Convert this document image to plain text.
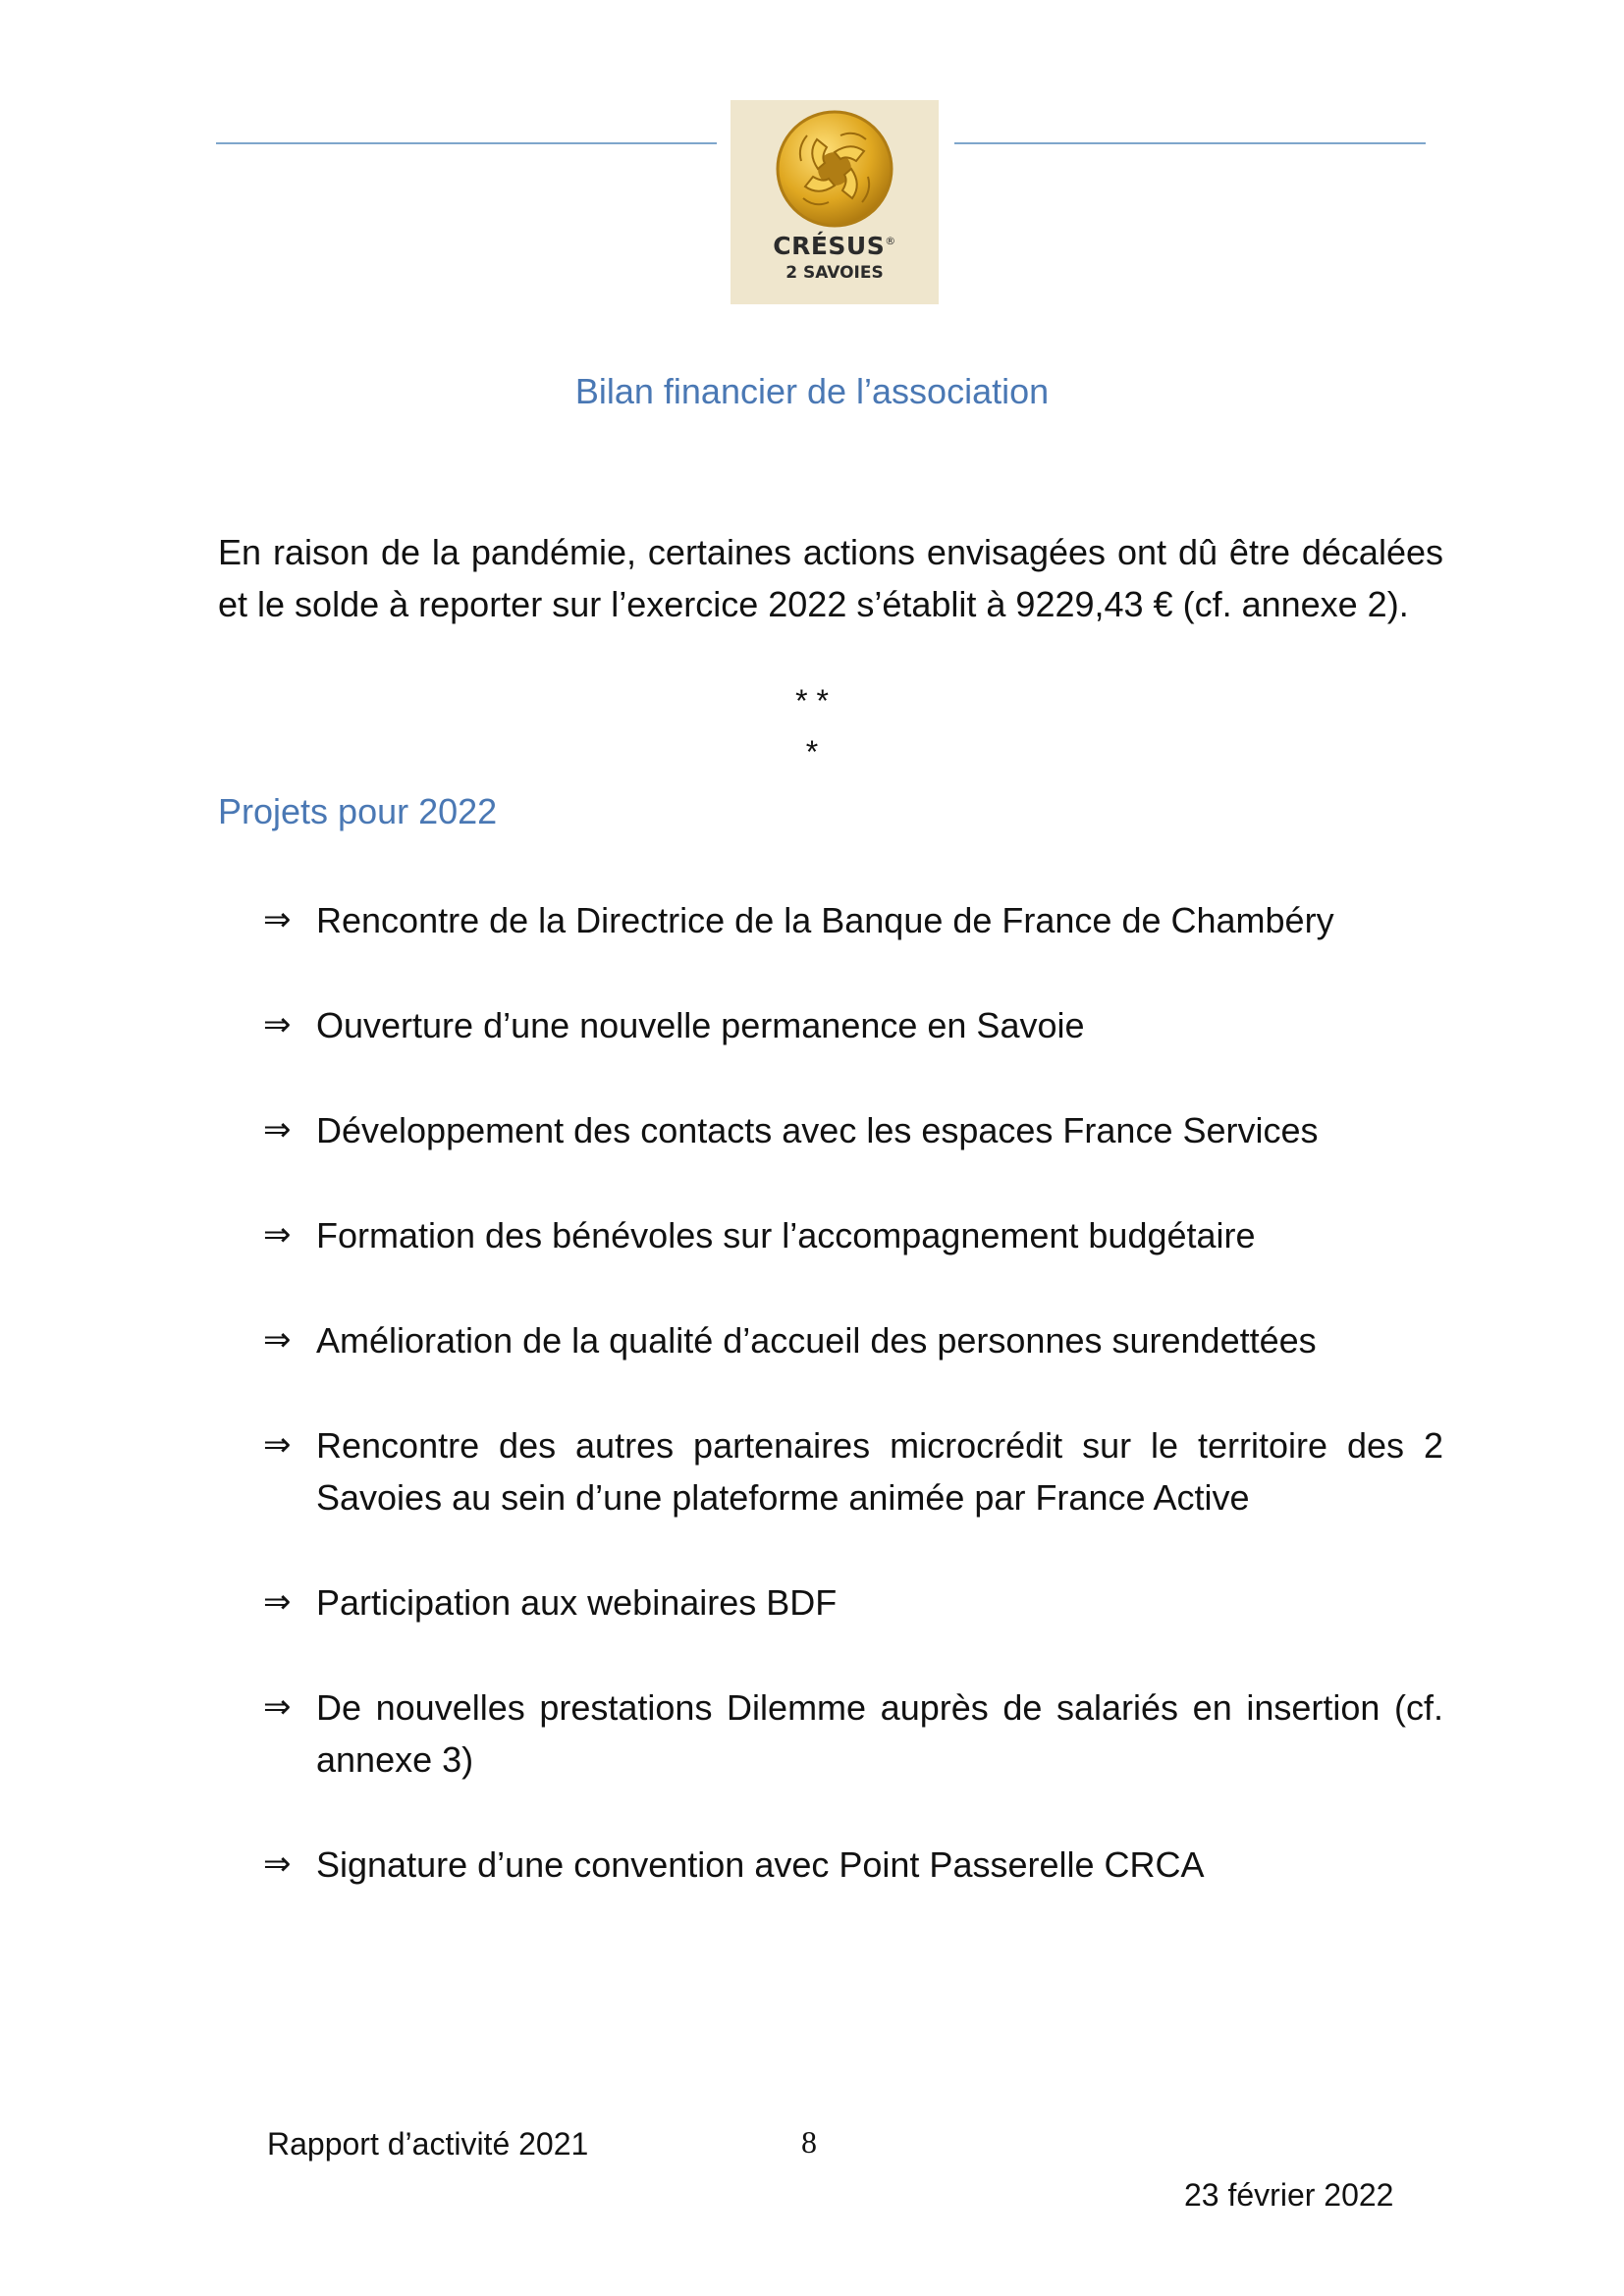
CRÉSUS®
2 SAVOIES
Bilan financier de l’association

En raison de la pandémie, certaines actions envisagées ont dû être décalées et le solde à reporter sur l’exercice 2022 s’établit à 9229,43 € (cf. annexe 2).

* *

*

Projets pour 2022
⇒ Rencontre de la Directrice de la Banque de France de Chambéry
⇒ Ouverture d’une nouvelle permanence en Savoie
⇒ Développement des contacts avec les espaces France Services
⇒ Formation des bénévoles sur l’accompagnement budgétaire
⇒ Amélioration de la qualité d’accueil des personnes surendettées
⇒ Rencontre des autres partenaires microcrédit sur le territoire des 2 Savoies au sein d’une plateforme animée par France Active
⇒ Participation aux webinaires BDF
⇒ De nouvelles prestations Dilemme auprès de salariés en insertion (cf. annexe 3)
⇒ Signature d’une convention avec Point Passerelle CRCA
Rapport d’activité 2021	8
23 février 2022
